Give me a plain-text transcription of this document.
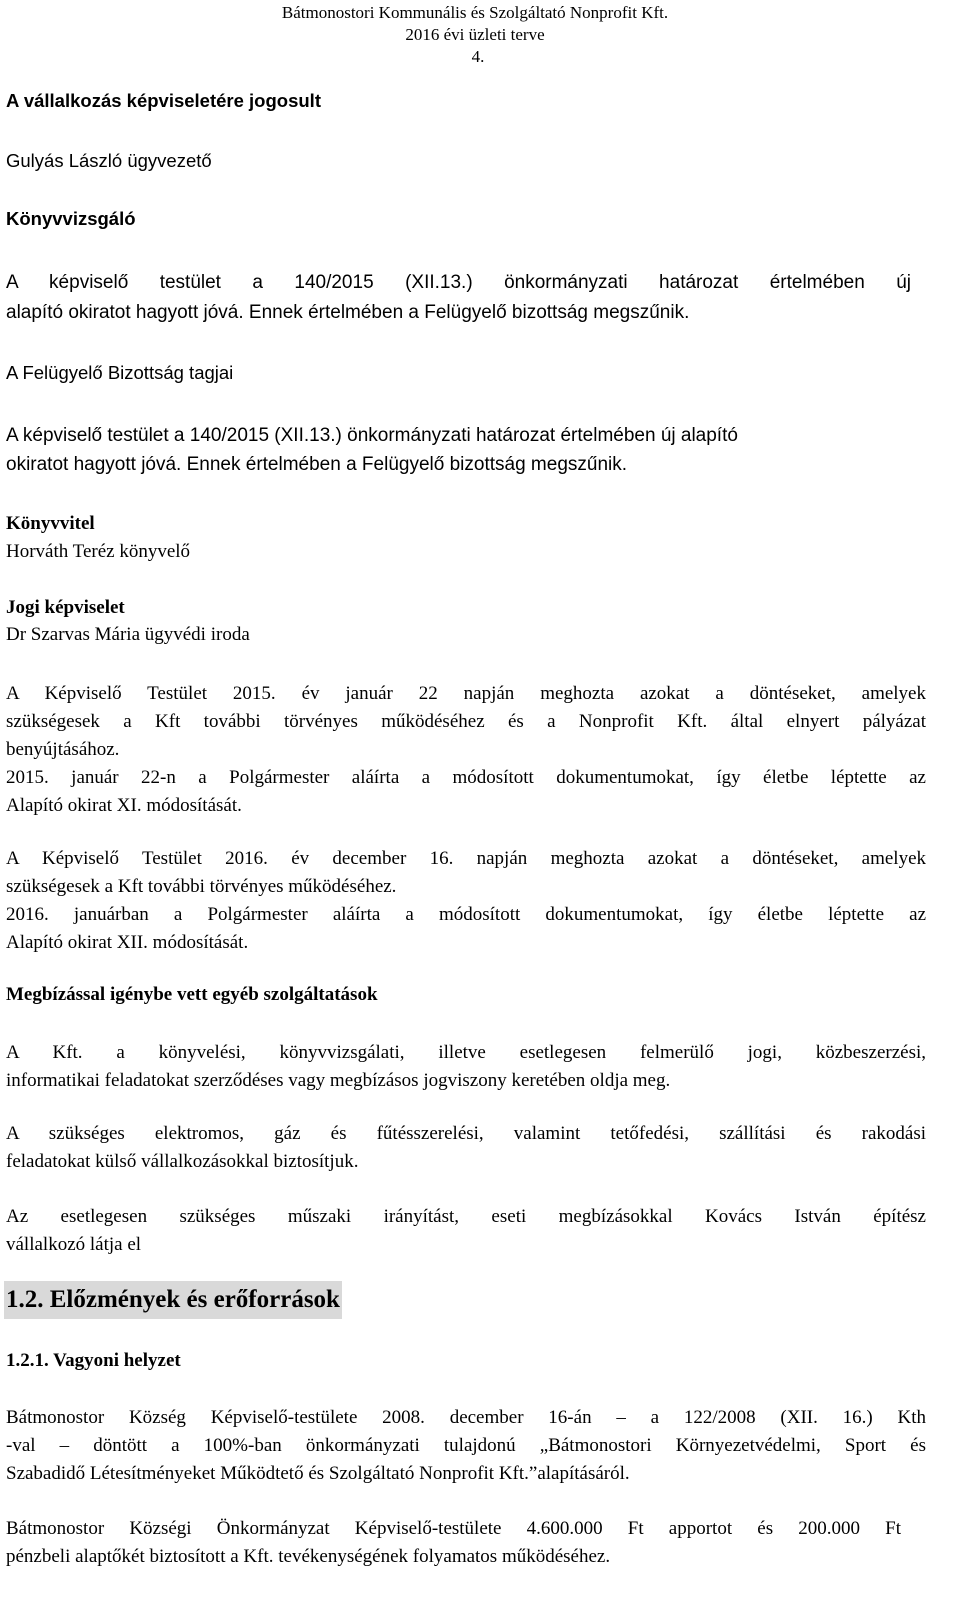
Bátmonostori Kommunális és Szolgáltató Nonprofit Kft.
2016 évi üzleti terve
4.
A vállalkozás képviseletére jogosult
Gulyás László ügyvezető
Könyvvizsgáló
A képviselő testület a 140/2015 (XII.13.) önkormányzati határozat értelmében új
alapító okiratot hagyott jóvá. Ennek értelmében a Felügyelő bizottság megszűnik.
A Felügyelő Bizottság tagjai
A képviselő testület a 140/2015 (XII.13.) önkormányzati határozat értelmében új alapító
okiratot hagyott jóvá. Ennek értelmében a Felügyelő bizottság megszűnik.
Könyvvitel
Horváth Teréz könyvelő
Jogi képviselet
Dr Szarvas Mária ügyvédi iroda
A Képviselő Testület 2015. év január 22 napján meghozta azokat a döntéseket, amelyek
szükségesek a Kft további törvényes működéséhez és a Nonprofit Kft. által elnyert pályázat
benyújtásához.
2015. január 22-n a Polgármester aláírta a módosított dokumentumokat, így életbe léptette az
Alapító okirat XI. módosítását.
A Képviselő Testület 2016. év december 16. napján meghozta azokat a döntéseket, amelyek
szükségesek a Kft további törvényes működéséhez.
2016. januárban a Polgármester aláírta a módosított dokumentumokat, így életbe léptette az
Alapító okirat XII. módosítását.
Megbízással igénybe vett egyéb szolgáltatások
A Kft. a könyvelési, könyvvizsgálati, illetve esetlegesen felmerülő jogi, közbeszerzési,
informatikai feladatokat szerződéses vagy megbízásos jogviszony keretében oldja meg.
A szükséges elektromos, gáz és fűtésszerelési, valamint tetőfedési, szállítási és rakodási
feladatokat külső vállalkozásokkal biztosítjuk.
Az esetlegesen szükséges műszaki irányítást, eseti megbízásokkal Kovács István építész
vállalkozó látja el
1.2. Előzmények és erőforrások
1.2.1. Vagyoni helyzet
Bátmonostor Község Képviselő-testülete 2008. december 16-án – a 122/2008 (XII. 16.) Kth
-val – döntött a 100%-ban önkormányzati tulajdonú „Bátmonostori Környezetvédelmi, Sport és
Szabadidő Létesítményeket Működtető és Szolgáltató Nonprofit Kft.”alapításáról.
Bátmonostor Községi Önkormányzat Képviselő-testülete 4.600.000 Ft apportot és 200.000 Ft
pénzbeli alaptőkét biztosított a Kft. tevékenységének folyamatos működéséhez.
